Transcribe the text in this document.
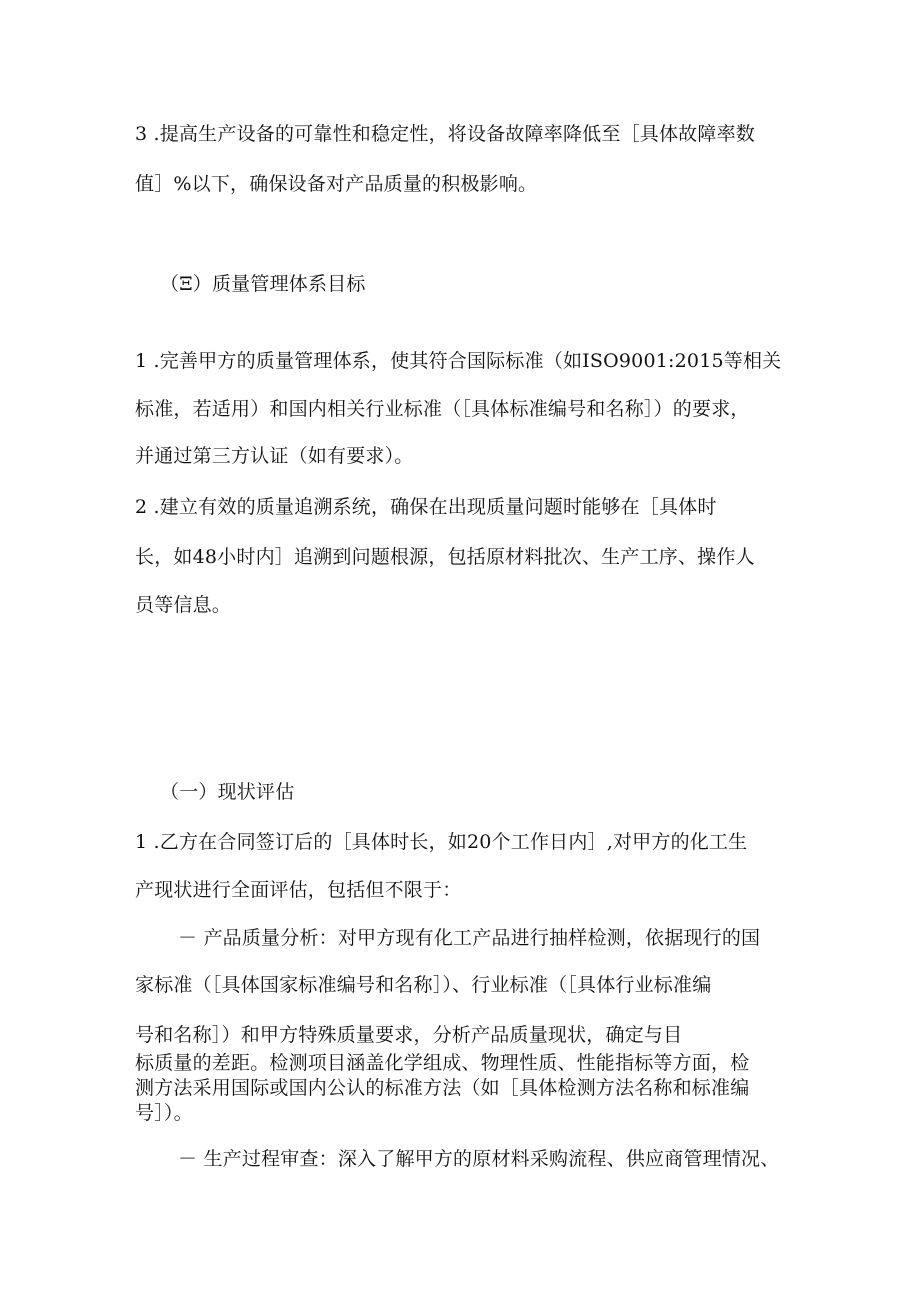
3 .提高生产设备的可靠性和稳定性，将设备故障率降低至［具体故障率数

值］%以下，确保设备对产品质量的积极影响。

（Ξ）质量管理体系目标

1 .完善甲方的质量管理体系，使其符合国际标准（如ISO9001:2015等相关

标准，若适用）和国内相关行业标准（［具体标准编号和名称］）的要求，

并通过第三方认证（如有要求）。

2 .建立有效的质量追溯系统，确保在出现质量问题时能够在［具体时

长，如48小时内］追溯到问题根源，包括原材料批次、生产工序、操作人

员等信息。

（一）现状评估

1 .乙方在合同签订后的［具体时长，如20个工作日内］,对甲方的化工生

产现状进行全面评估，包括但不限于：

－ 产品质量分析：对甲方现有化工产品进行抽样检测，依据现行的国

家标准（［具体国家标准编号和名称］）、行业标准（［具体行业标准编

号和名称］）和甲方特殊质量要求，分析产品质量现状，确定与目

标质量的差距。检测项目涵盖化学组成、物理性质、性能指标等方面，检

测方法采用国际或国内公认的标准方法（如［具体检测方法名称和标准编

号］）。

－ 生产过程审查：深入了解甲方的原材料采购流程、供应商管理情况、
